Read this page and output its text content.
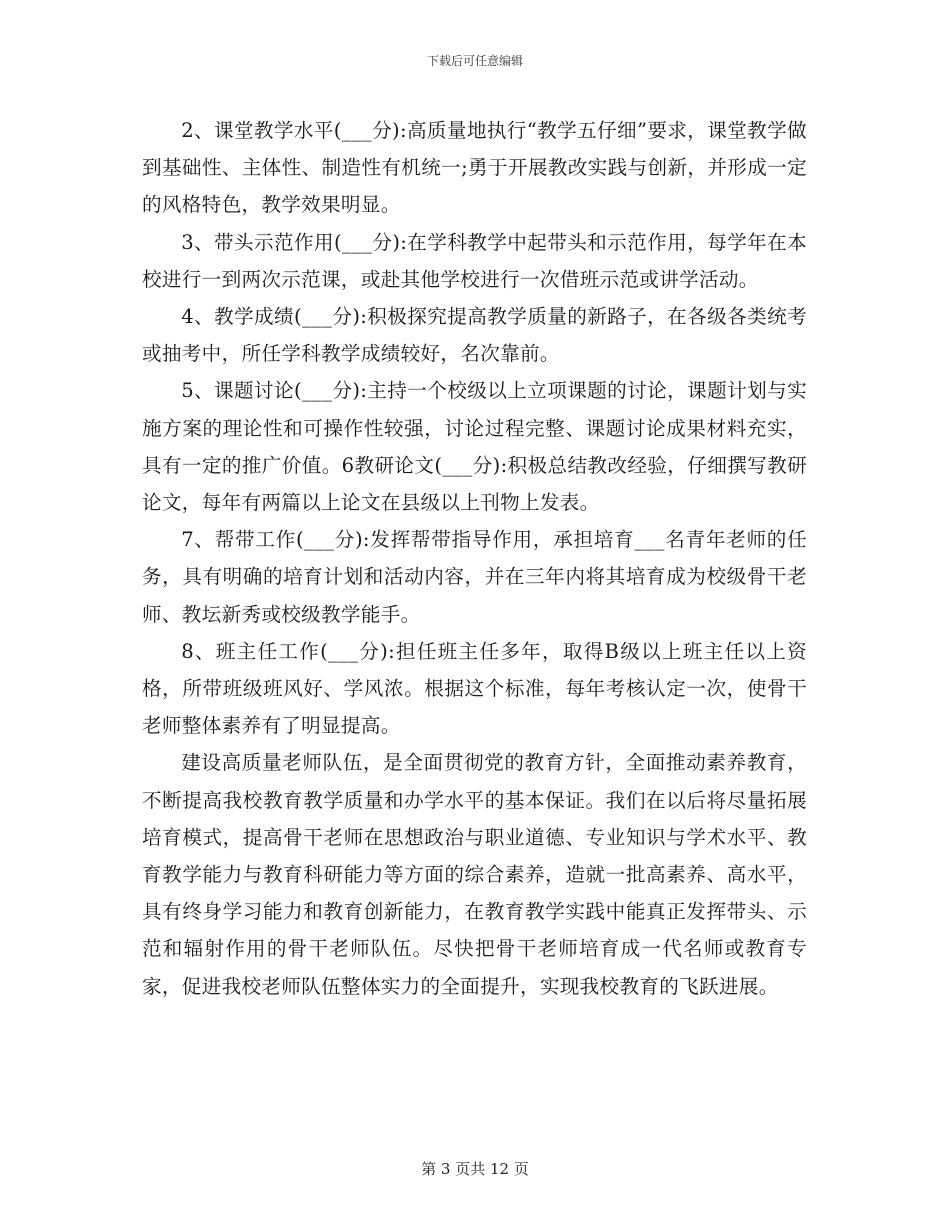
下载后可任意编辑

2、课堂教学水平(___分):高质量地执行“教学五仔细”要求，课堂教学做到基础性、主体性、制造性有机统一;勇于开展教改实践与创新，并形成一定的风格特色，教学效果明显。

3、带头示范作用(___分):在学科教学中起带头和示范作用，每学年在本校进行一到两次示范课，或赴其他学校进行一次借班示范或讲学活动。

4、教学成绩(___分):积极探究提高教学质量的新路子，在各级各类统考或抽考中，所任学科教学成绩较好，名次靠前。

5、课题讨论(___分):主持一个校级以上立项课题的讨论，课题计划与实施方案的理论性和可操作性较强，讨论过程完整、课题讨论成果材料充实，具有一定的推广价值。6教研论文(___分):积极总结教改经验，仔细撰写教研论文，每年有两篇以上论文在县级以上刊物上发表。

7、帮带工作(___分):发挥帮带指导作用，承担培育___名青年老师的任务，具有明确的培育计划和活动内容，并在三年内将其培育成为校级骨干老师、教坛新秀或校级教学能手。

8、班主任工作(___分):担任班主任多年，取得B级以上班主任以上资格，所带班级班风好、学风浓。根据这个标准，每年考核认定一次，使骨干老师整体素养有了明显提高。

建设高质量老师队伍，是全面贯彻党的教育方针，全面推动素养教育，不断提高我校教育教学质量和办学水平的基本保证。我们在以后将尽量拓展培育模式，提高骨干老师在思想政治与职业道德、专业知识与学术水平、教育教学能力与教育科研能力等方面的综合素养，造就一批高素养、高水平，具有终身学习能力和教育创新能力，在教育教学实践中能真正发挥带头、示范和辐射作用的骨干老师队伍。尽快把骨干老师培育成一代名师或教育专家，促进我校老师队伍整体实力的全面提升，实现我校教育的飞跃进展。

第 3 页共 12 页
